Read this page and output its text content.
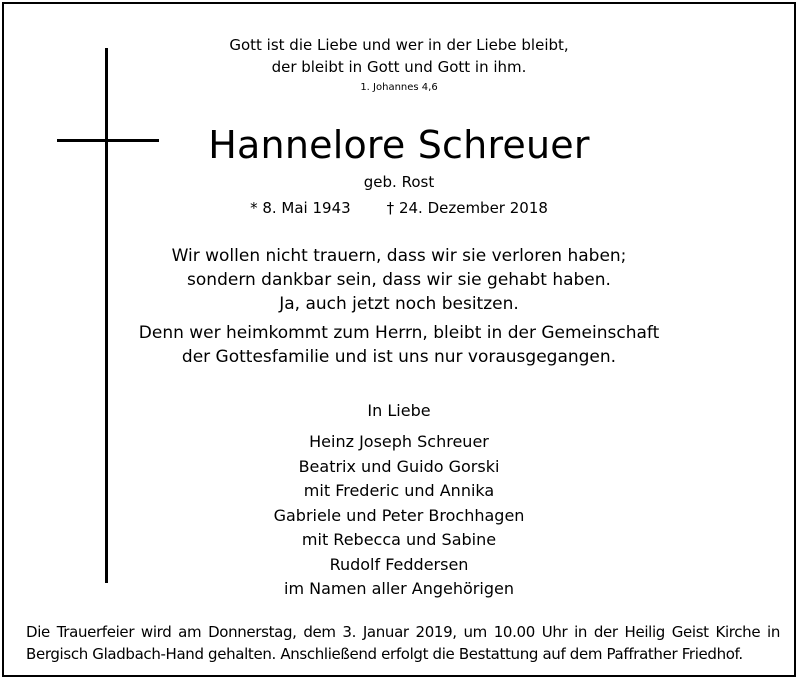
Gott ist die Liebe und wer in der Liebe bleibt,
der bleibt in Gott und Gott in ihm.
1. Johannes 4,6
Hannelore Schreuer
geb. Rost
* 8. Mai 1943 † 24. Dezember 2018
Wir wollen nicht trauern, dass wir sie verloren haben;
sondern dankbar sein, dass wir sie gehabt haben.
Ja, auch jetzt noch besitzen.
Denn wer heimkommt zum Herrn, bleibt in der Gemeinschaft
der Gottesfamilie und ist uns nur vorausgegangen.
In Liebe
Heinz Joseph Schreuer
Beatrix und Guido Gorski
mit Frederic und Annika
Gabriele und Peter Brochhagen
mit Rebecca und Sabine
Rudolf Feddersen
im Namen aller Angehörigen
Die Trauerfeier wird am Donnerstag, dem 3. Januar 2019, um 10.00 Uhr in der Heilig Geist Kirche in Bergisch Gladbach-Hand gehalten. Anschließend erfolgt die Bestattung auf dem Paffrather Friedhof.
